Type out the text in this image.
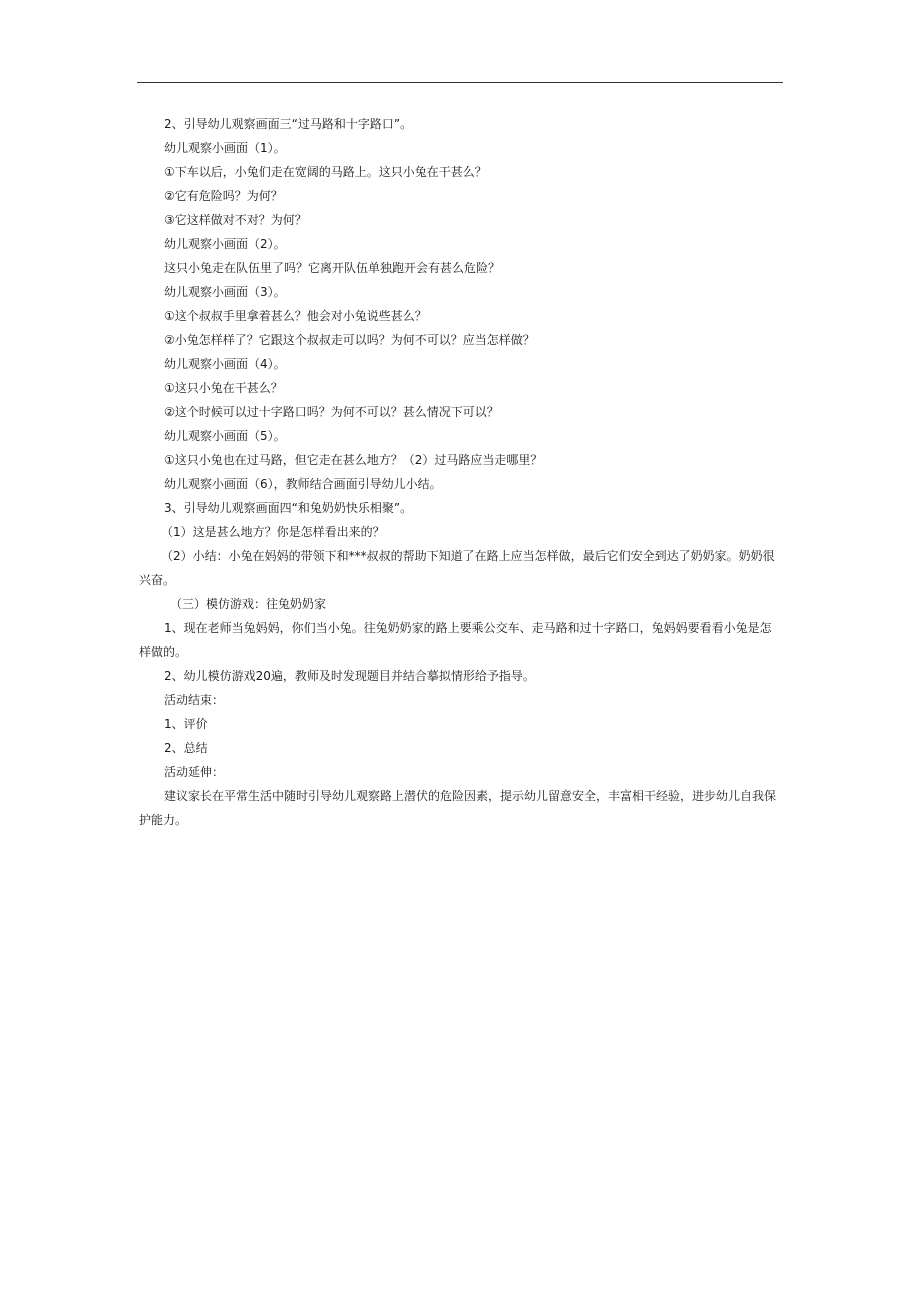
2、引导幼儿观察画面三“过马路和十字路口”。

幼儿观察小画面（1）。

①下车以后，小兔们走在宽阔的马路上。这只小兔在干甚么？

②它有危险吗？为何？

③它这样做对不对？为何？

幼儿观察小画面（2）。

这只小兔走在队伍里了吗？它离开队伍单独跑开会有甚么危险？

幼儿观察小画面（3）。

①这个叔叔手里拿着甚么？他会对小兔说些甚么？

②小兔怎样样了？它跟这个叔叔走可以吗？为何不可以？应当怎样做？

幼儿观察小画面（4）。

①这只小兔在干甚么？

②这个时候可以过十字路口吗？为何不可以？甚么情况下可以？

幼儿观察小画面（5）。

①这只小兔也在过马路，但它走在甚么地方？（2）过马路应当走哪里？

幼儿观察小画面（6），教师结合画面引导幼儿小结。

3、引导幼儿观察画面四“和兔奶奶快乐相聚”。

（1）这是甚么地方？你是怎样看出来的？

（2）小结：小兔在妈妈的带领下和***叔叔的帮助下知道了在路上应当怎样做，最后它们安全到达了奶奶家。奶奶很兴奋。

（三）模仿游戏：往兔奶奶家

1、现在老师当兔妈妈，你们当小兔。往兔奶奶家的路上要乘公交车、走马路和过十字路口，兔妈妈要看看小兔是怎样做的。

2、幼儿模仿游戏20遍，教师及时发现题目并结合摹拟情形给予指导。

活动结束：

1、评价

2、总结

活动延伸：

建议家长在平常生活中随时引导幼儿观察路上潜伏的危险因素，提示幼儿留意安全，丰富相干经验，进步幼儿自我保护能力。
